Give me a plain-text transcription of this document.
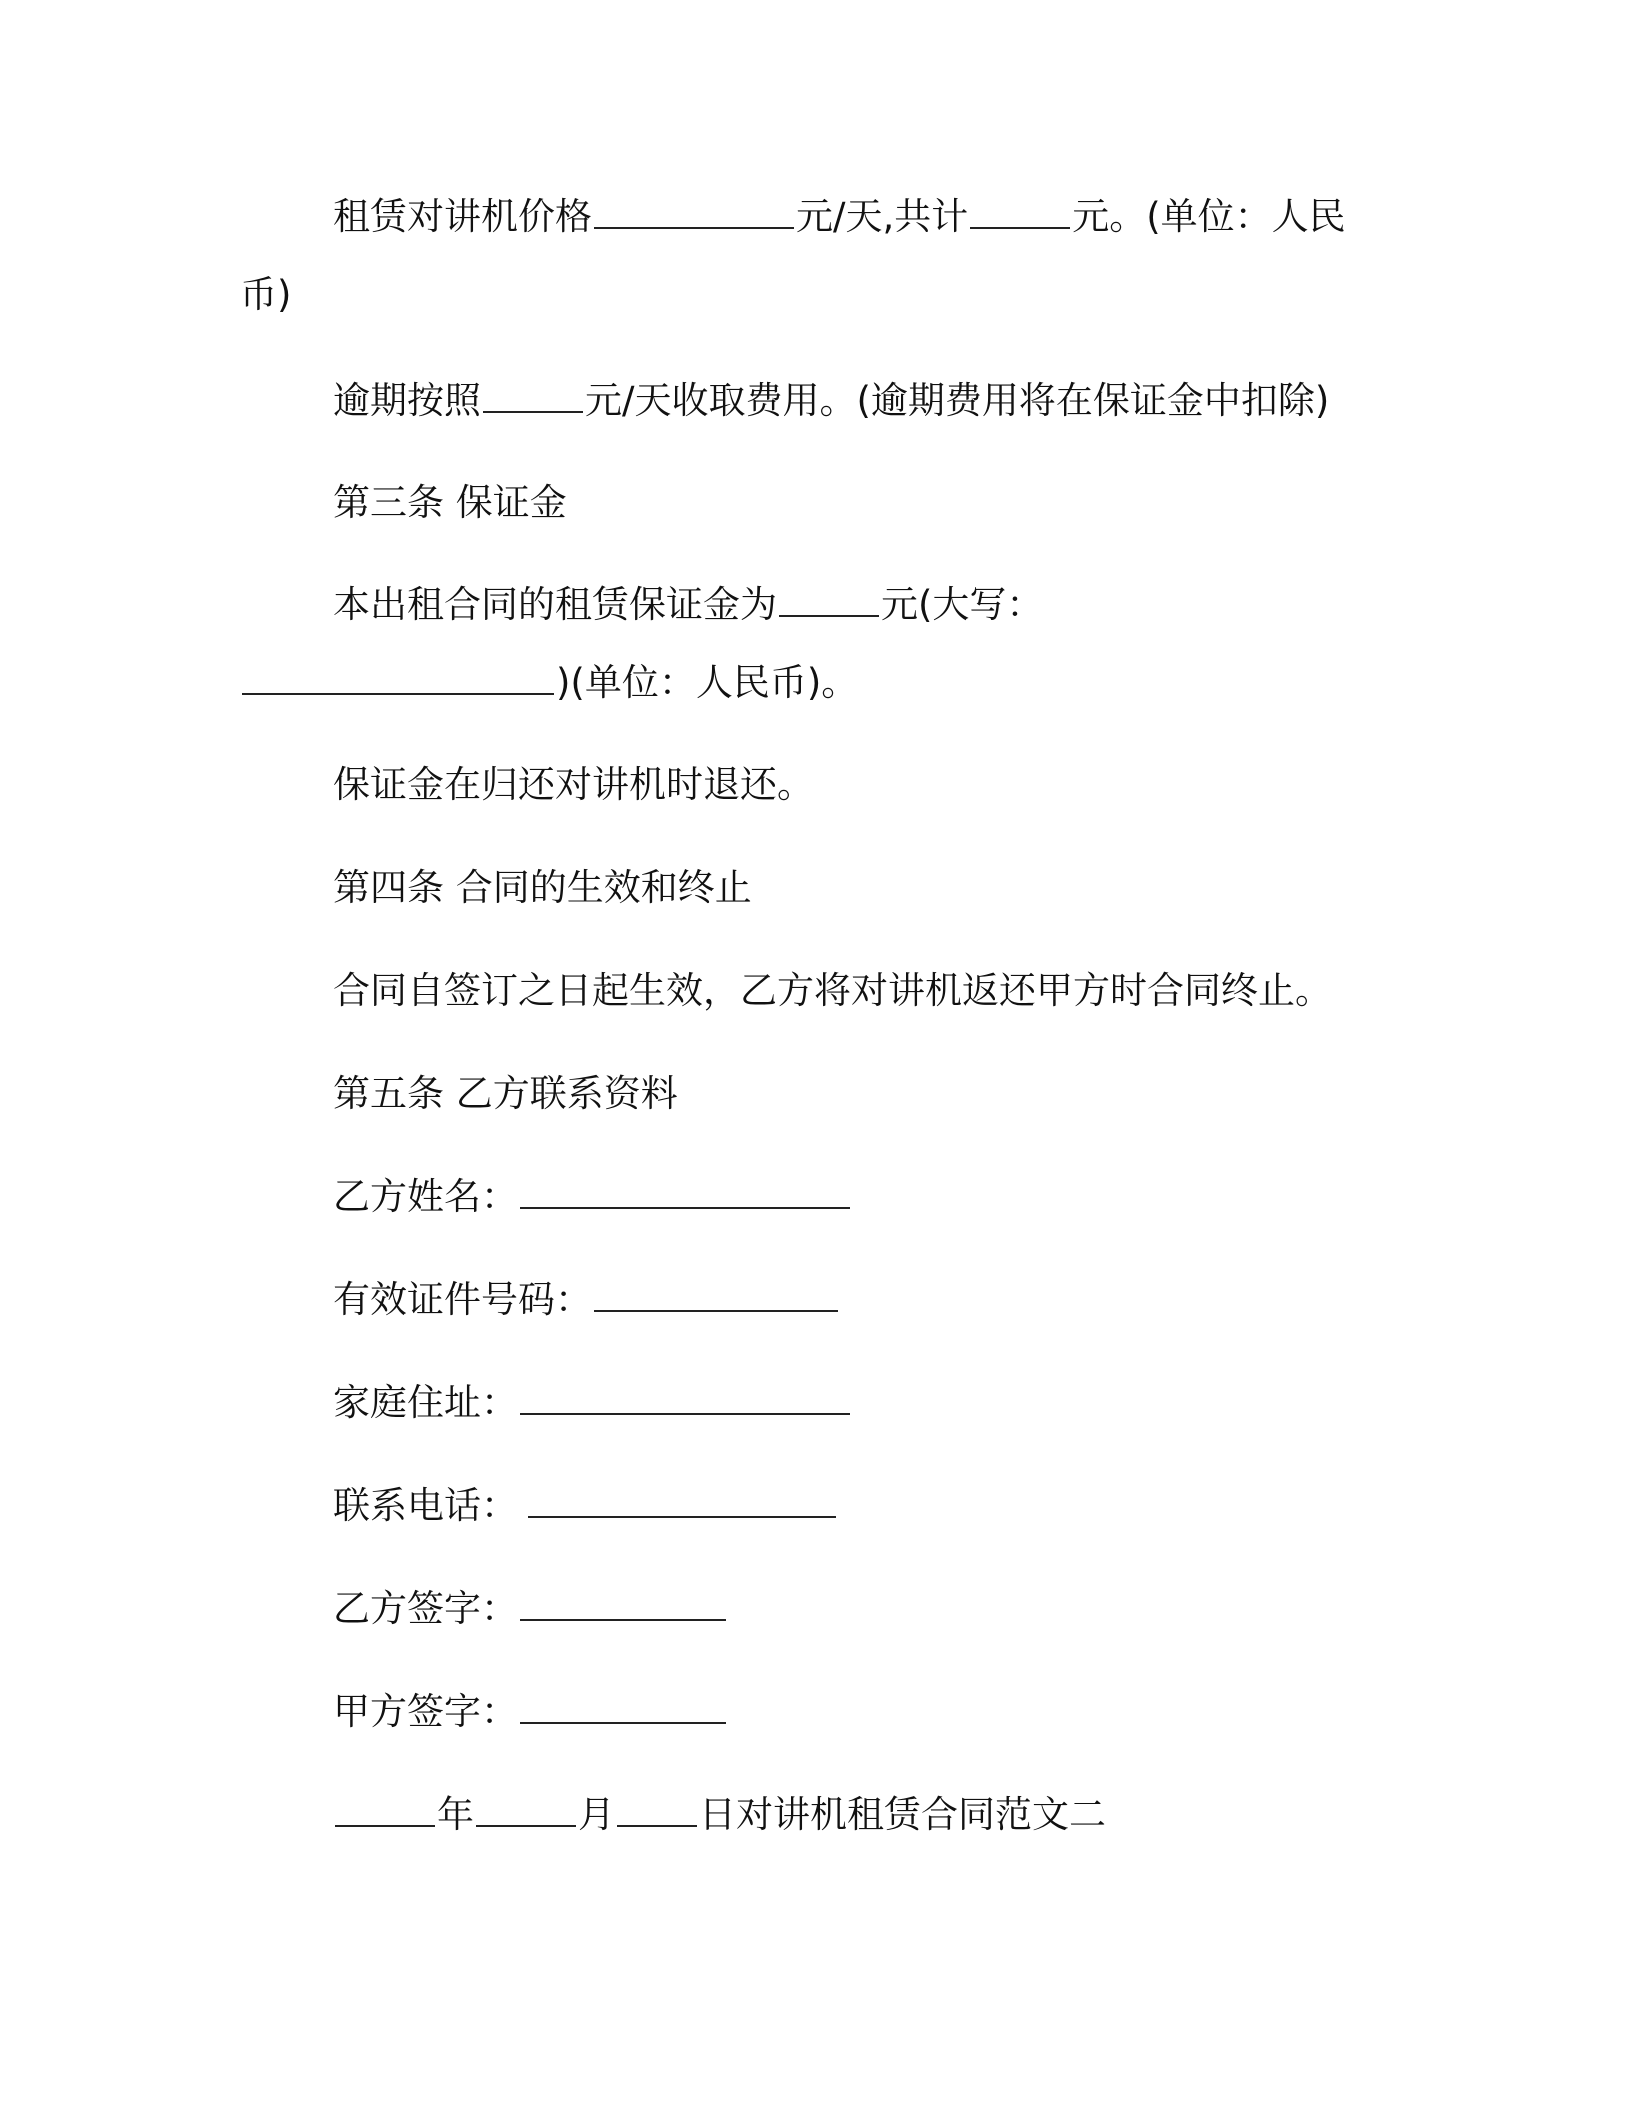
租赁对讲机价格	元/天,共计	元。(单位：人民
币)
逾期按照	元/天收取费用。(逾期费用将在保证金中扣除)
第三条 保证金
本出租合同的租赁保证金为	元(大写：
)(单位：人民币)。
保证金在归还对讲机时退还。
第四条 合同的生效和终止
合同自签订之日起生效，乙方将对讲机返还甲方时合同终止。
第五条 乙方联系资料
乙方姓名：
有效证件号码：
家庭住址：
联系电话：
乙方签字：
甲方签字：
年	月 日对讲机租赁合同范文二
